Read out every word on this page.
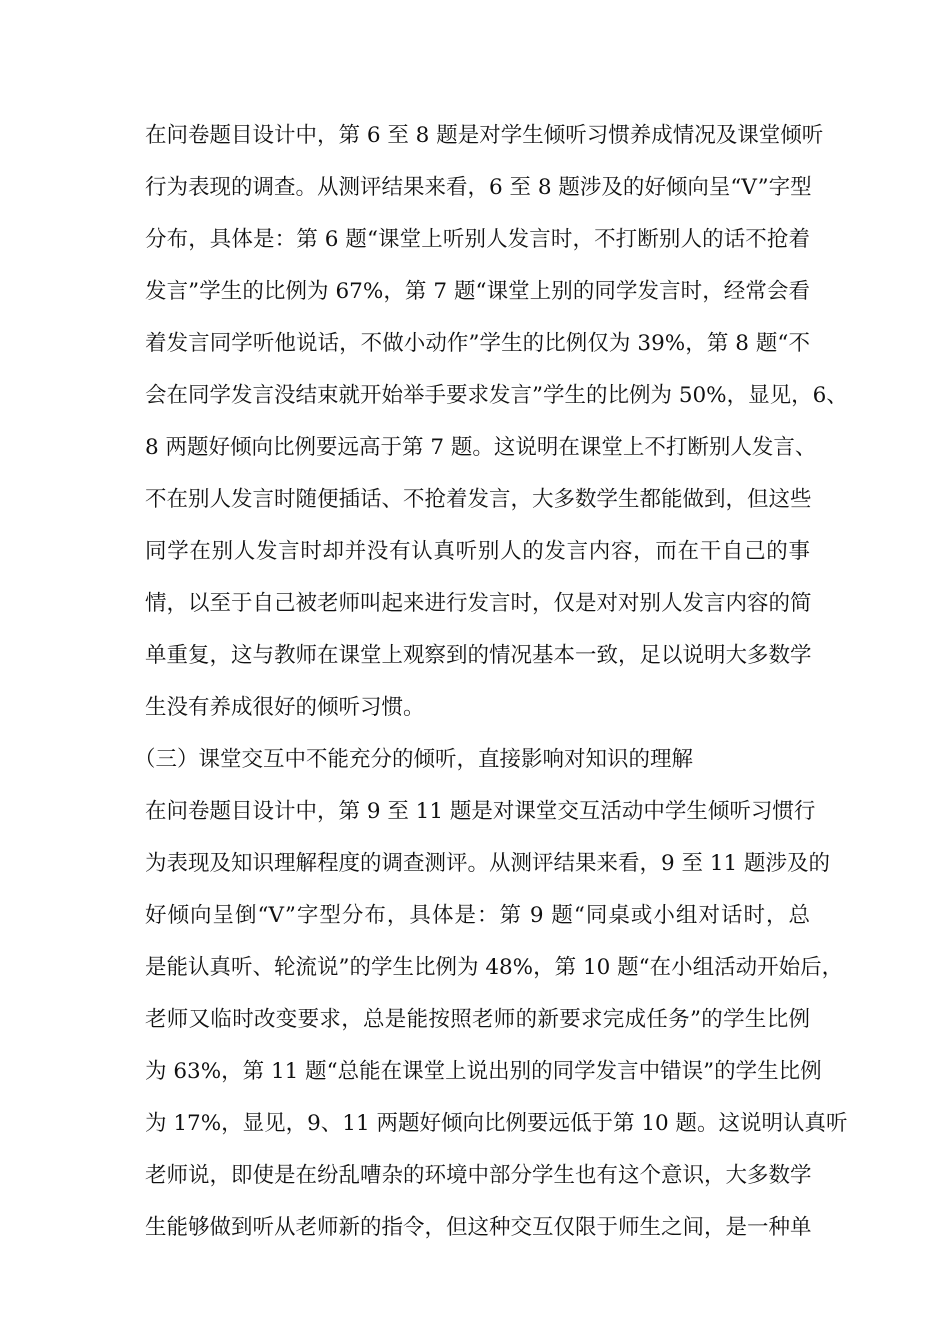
在问卷题目设计中，第 6 至 8 题是对学生倾听习惯养成情况及课堂倾听
行为表现的调查。从测评结果来看，6 至 8 题涉及的好倾向呈“V”字型
分布，具体是：第 6 题“课堂上听别人发言时，不打断别人的话不抢着
发言”学生的比例为 67%，第 7 题“课堂上别的同学发言时，经常会看
着发言同学听他说话，不做小动作”学生的比例仅为 39%，第 8 题“不
会在同学发言没结束就开始举手要求发言”学生的比例为 50%，显见，6、
8 两题好倾向比例要远高于第 7 题。这说明在课堂上不打断别人发言、
不在别人发言时随便插话、不抢着发言，大多数学生都能做到，但这些
同学在别人发言时却并没有认真听别人的发言内容，而在干自己的事
情，以至于自己被老师叫起来进行发言时，仅是对对别人发言内容的简
单重复，这与教师在课堂上观察到的情况基本一致，足以说明大多数学
生没有养成很好的倾听习惯。
（三）课堂交互中不能充分的倾听，直接影响对知识的理解
在问卷题目设计中，第 9 至 11 题是对课堂交互活动中学生倾听习惯行
为表现及知识理解程度的调查测评。从测评结果来看，9 至 11 题涉及的
好倾向呈倒“V”字型分布，具体是：第 9 题“同桌或小组对话时，总
是能认真听、轮流说”的学生比例为 48%，第 10 题“在小组活动开始后，
老师又临时改变要求，总是能按照老师的新要求完成任务”的学生比例
为 63%，第 11 题“总能在课堂上说出别的同学发言中错误”的学生比例
为 17%，显见，9、11 两题好倾向比例要远低于第 10 题。这说明认真听
老师说，即使是在纷乱嘈杂的环境中部分学生也有这个意识，大多数学
生能够做到听从老师新的指令，但这种交互仅限于师生之间，是一种单
